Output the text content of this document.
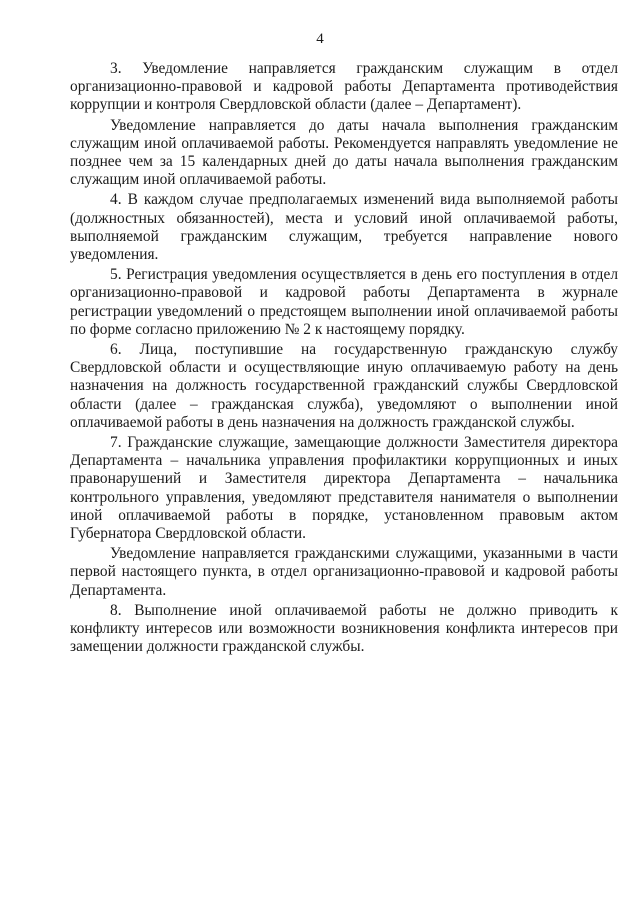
4

3. Уведомление направляется гражданским служащим в отдел организационно-правовой и кадровой работы Департамента противодействия коррупции и контроля Свердловской области (далее – Департамент).

Уведомление направляется до даты начала выполнения гражданским служащим иной оплачиваемой работы. Рекомендуется направлять уведомление не позднее чем за 15 календарных дней до даты начала выполнения гражданским служащим иной оплачиваемой работы.

4. В каждом случае предполагаемых изменений вида выполняемой работы (должностных обязанностей), места и условий иной оплачиваемой работы, выполняемой гражданским служащим, требуется направление нового уведомления.

5. Регистрация уведомления осуществляется в день его поступления в отдел организационно-правовой и кадровой работы Департамента в журнале регистрации уведомлений о предстоящем выполнении иной оплачиваемой работы по форме согласно приложению № 2 к настоящему порядку.

6. Лица, поступившие на государственную гражданскую службу Свердловской области и осуществляющие иную оплачиваемую работу на день назначения на должность государственной гражданский службы Свердловской области (далее – гражданская служба), уведомляют о выполнении иной оплачиваемой работы в день назначения на должность гражданской службы.

7. Гражданские служащие, замещающие должности Заместителя директора Департамента – начальника управления профилактики коррупционных и иных правонарушений и Заместителя директора Департамента – начальника контрольного управления, уведомляют представителя нанимателя о выполнении иной оплачиваемой работы в порядке, установленном правовым актом Губернатора Свердловской области.

Уведомление направляется гражданскими служащими, указанными в части первой настоящего пункта, в отдел организационно-правовой и кадровой работы Департамента.

8. Выполнение иной оплачиваемой работы не должно приводить к конфликту интересов или возможности возникновения конфликта интересов при замещении должности гражданской службы.
